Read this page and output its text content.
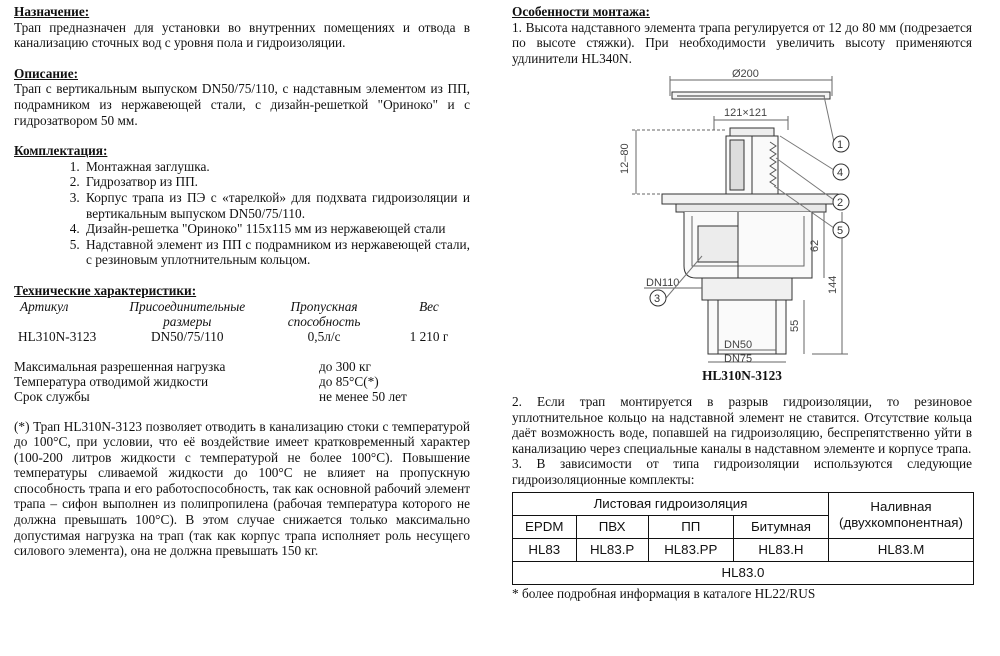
Назначение:
Трап предназначен для установки во внутренних помещениях и отвода в канализацию сточных вод с уровня пола и гидроизоляции.
Описание:
Трап с вертикальным выпуском DN50/75/110, с надставным элементом из ПП, подрамником из нержавеющей стали, с дизайн-решеткой "Ориноко" и с гидрозатвором 50 мм.
Комплектация:
1. Монтажная заглушка.
2. Гидрозатвор из ПП.
3. Корпус трапа из ПЭ с «тарелкой» для подхвата гидроизоляции и вертикальным выпуском DN50/75/110.
4. Дизайн-решетка "Ориноко" 115х115 мм из нержавеющей стали
5. Надставной элемент из ПП с подрамником из нержавеющей стали, с резиновым уплотнительным кольцом.
Технические характеристики:
Артикул	Присоединительные размеры	Пропускная способность	Вес
HL310N-3123	DN50/75/110	0,5л/с	1 210 г
Максимальная разрешенная нагрузка	до 300 кг
Температура отводимой жидкости	до 85°С(*)
Срок службы	не менее 50 лет
(*) Трап HL310N-3123 позволяет отводить в канализацию стоки с температурой до 100°С, при условии, что её воздействие имеет кратковременный характер (100-200 литров жидкости с температурой не более 100°С). Повышение температуры сливаемой жидкости до 100°С не влияет на пропускную способность трапа и его работоспособность, так как основной рабочий элемент трапа – сифон выполнен из полипропилена (рабочая температура которого не должна превышать 100°С). В этом случае снижается только максимально допустимая нагрузка на трап (так как корпус трапа исполняет роль несущего силового элемента), она не должна превышать 150 кг.
Особенности монтажа:
1. Высота надставного элемента трапа регулируется от 12 до 80 мм (подрезается по высоте стяжки). При необходимости увеличить высоту применяются удлинители HL340N.
Ø200
121×121
12–80
DN110
DN50
DN75
62
144
55
1
4
2
5
3
HL310N-3123
2. Если трап монтируется в разрыв гидроизоляции, то резиновое уплотнительное кольцо на надставной элемент не ставится. Отсутствие кольца даёт возможность воде, попавшей на гидроизоляцию, беспрепятственно уйти в канализацию через специальные каналы в надставном элементе и корпусе трапа.
3. В зависимости от типа гидроизоляции используются следующие гидроизоляционные комплекты:
Листовая гидроизоляция				Наливная (двухкомпонентная)
EPDM	ПВХ	ПП	Битумная	
HL83	HL83.P	HL83.PP	HL83.H	HL83.M
HL83.0				
* более подробная информация в каталоге HL22/RUS
